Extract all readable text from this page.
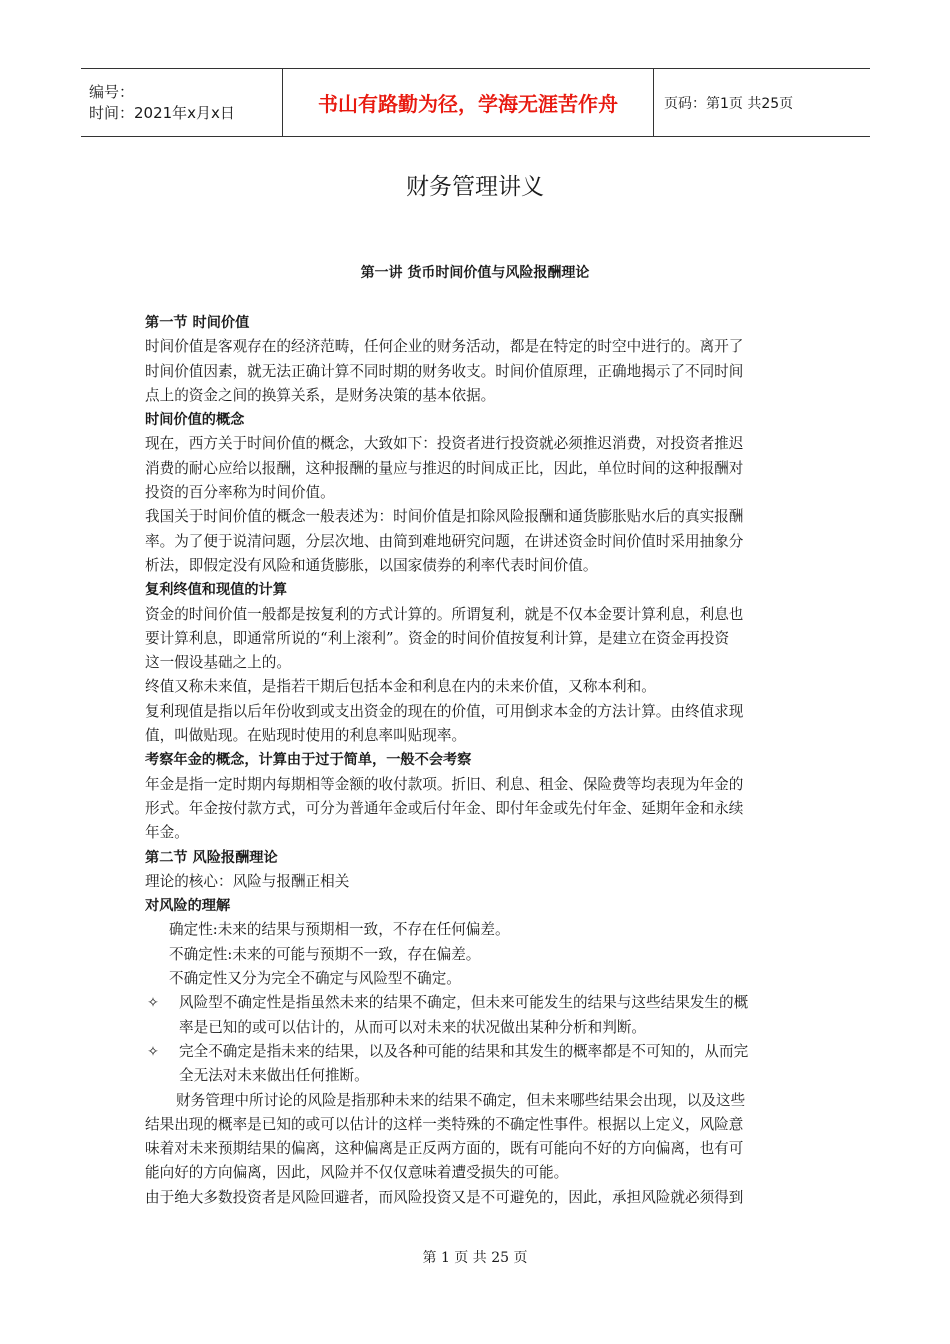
编号：
时间：2021年x月x日	书山有路勤为径，学海无涯苦作舟	页码：第1页 共25页
财务管理讲义
第一讲 货币时间价值与风险报酬理论
第一节 时间价值
时间价值是客观存在的经济范畴，任何企业的财务活动，都是在特定的时空中进行的。离开了
时间价值因素，就无法正确计算不同时期的财务收支。时间价值原理，正确地揭示了不同时间
点上的资金之间的换算关系，是财务决策的基本依据。
时间价值的概念
现在，西方关于时间价值的概念，大致如下：投资者进行投资就必须推迟消费，对投资者推迟
消费的耐心应给以报酬，这种报酬的量应与推迟的时间成正比，因此，单位时间的这种报酬对
投资的百分率称为时间价值。
我国关于时间价值的概念一般表述为：时间价值是扣除风险报酬和通货膨胀贴水后的真实报酬
率。为了便于说清问题，分层次地、由简到难地研究问题，在讲述资金时间价值时采用抽象分
析法，即假定没有风险和通货膨胀，以国家债券的利率代表时间价值。
复利终值和现值的计算
资金的时间价值一般都是按复利的方式计算的。所谓复利，就是不仅本金要计算利息，利息也
要计算利息，即通常所说的“利上滚利”。资金的时间价值按复利计算，是建立在资金再投资
这一假设基础之上的。
终值又称未来值，是指若干期后包括本金和利息在内的未来价值，又称本利和。
复利现值是指以后年份收到或支出资金的现在的价值，可用倒求本金的方法计算。由终值求现
值，叫做贴现。在贴现时使用的利息率叫贴现率。
考察年金的概念，计算由于过于简单，一般不会考察
年金是指一定时期内每期相等金额的收付款项。折旧、利息、租金、保险费等均表现为年金的
形式。年金按付款方式，可分为普通年金或后付年金、即付年金或先付年金、延期年金和永续
年金。
第二节 风险报酬理论
理论的核心：风险与报酬正相关
对风险的理解
确定性:未来的结果与预期相一致，不存在任何偏差。
不确定性:未来的可能与预期不一致，存在偏差。
不确定性又分为完全不确定与风险型不确定。
✧ 风险型不确定性是指虽然未来的结果不确定，但未来可能发生的结果与这些结果发生的概
率是已知的或可以估计的，从而可以对未来的状况做出某种分析和判断。
✧ 完全不确定是指未来的结果，以及各种可能的结果和其发生的概率都是不可知的，从而完
全无法对未来做出任何推断。
财务管理中所讨论的风险是指那种未来的结果不确定，但未来哪些结果会出现，以及这些
结果出现的概率是已知的或可以估计的这样一类特殊的不确定性事件。根据以上定义，风险意
味着对未来预期结果的偏离，这种偏离是正反两方面的，既有可能向不好的方向偏离，也有可
能向好的方向偏离，因此，风险并不仅仅意味着遭受损失的可能。
由于绝大多数投资者是风险回避者，而风险投资又是不可避免的，因此，承担风险就必须得到
第 1 页 共 25 页
